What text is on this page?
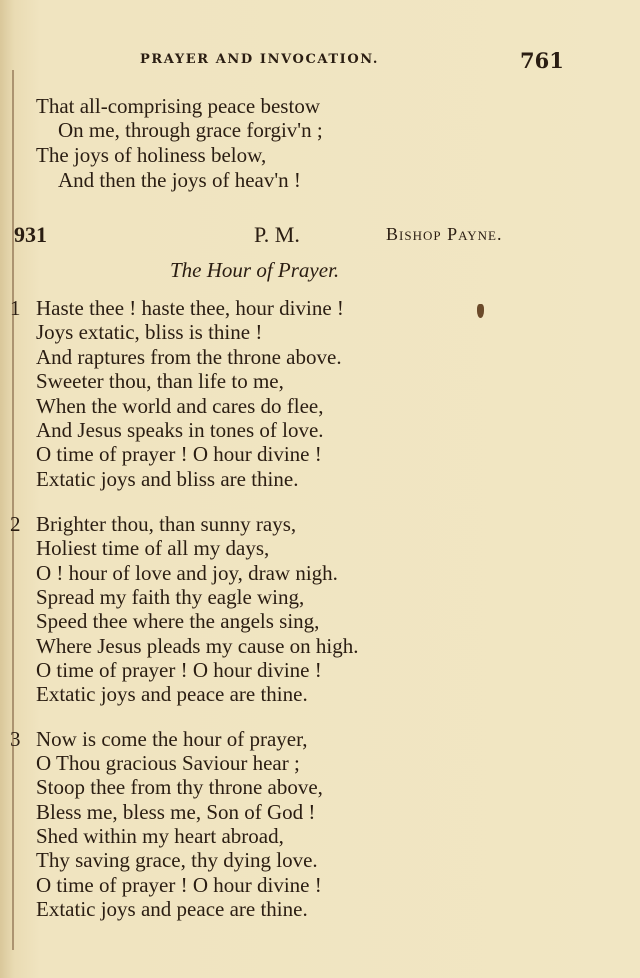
PRAYER AND INVOCATION.	761
That all-comprising peace bestow
On me, through grace forgiv'n ;
The joys of holiness below,
And then the joys of heav'n !
931	P. M.	Bishop Payne.
The Hour of Prayer.
1 Haste thee ! haste thee, hour divine !
Joys extatic, bliss is thine !
And raptures from the throne above.
Sweeter thou, than life to me,
When the world and cares do flee,
And Jesus speaks in tones of love.
O time of prayer ! O hour divine !
Extatic joys and bliss are thine.
2 Brighter thou, than sunny rays,
Holiest time of all my days,
O ! hour of love and joy, draw nigh.
Spread my faith thy eagle wing,
Speed thee where the angels sing,
Where Jesus pleads my cause on high.
O time of prayer ! O hour divine !
Extatic joys and peace are thine.
3 Now is come the hour of prayer,
O Thou gracious Saviour hear ;
Stoop thee from thy throne above,
Bless me, bless me, Son of God !
Shed within my heart abroad,
Thy saving grace, thy dying love.
O time of prayer ! O hour divine !
Extatic joys and peace are thine.
